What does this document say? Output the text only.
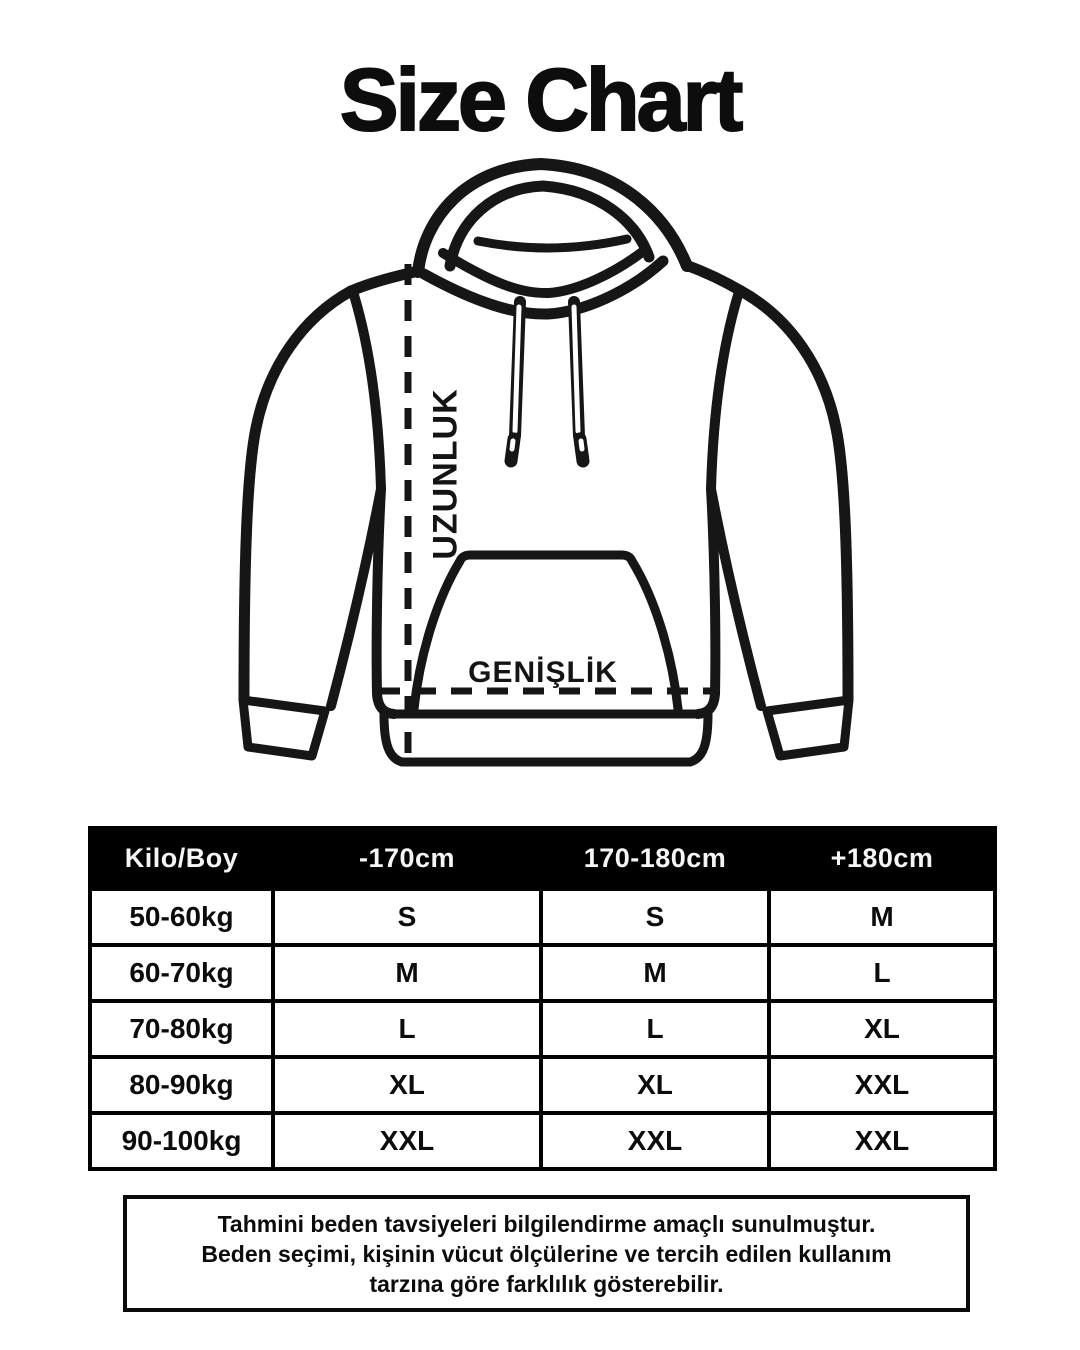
Size Chart
UZUNLUK
GENİŞLİK
Kilo/Boy	-170cm	170-180cm	+180cm
50-60kg	S	S	M
60-70kg	M	M	L
70-80kg	L	L	XL
80-90kg	XL	XL	XXL
90-100kg	XXL	XXL	XXL

Tahmini beden tavsiyeleri bilgilendirme amaçlı sunulmuştur.

Beden seçimi, kişinin vücut ölçülerine ve tercih edilen kullanım

tarzına göre farklılık gösterebilir.
